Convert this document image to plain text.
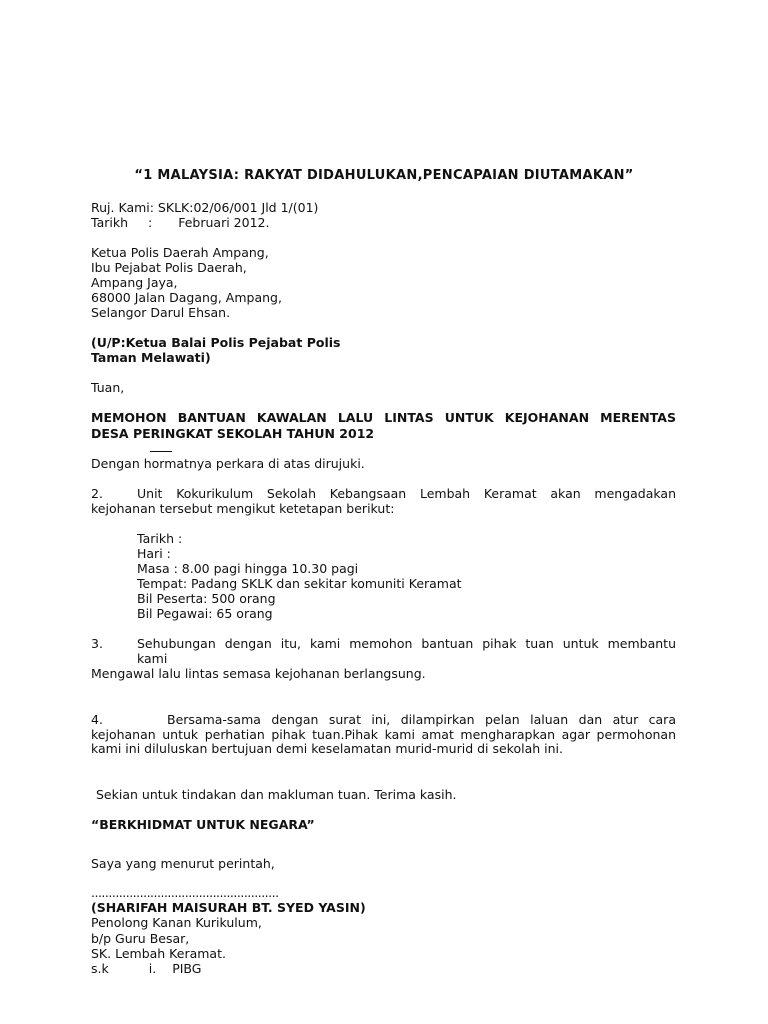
“1 MALAYSIA: RAKYAT DIDAHULUKAN,PENCAPAIAN DIUTAMAKAN”
Ruj. Kami: SKLK:02/06/001 Jld 1/(01)
Tarikh : Februari 2012.
Ketua Polis Daerah Ampang,
Ibu Pejabat Polis Daerah,
Ampang Jaya,
68000 Jalan Dagang, Ampang,
Selangor Darul Ehsan.
(U/P:Ketua Balai Polis Pejabat Polis
Taman Melawati)
Tuan,
MEMOHON BANTUAN KAWALAN LALU LINTAS UNTUK KEJOHANAN MERENTAS
DESA PERINGKAT SEKOLAH TAHUN 2012
Dengan hormatnya perkara di atas dirujuki.
2.	Unit Kokurikulum Sekolah Kebangsaan Lembah Keramat akan mengadakan
kejohanan tersebut mengikut ketetapan berikut:
Tarikh :
Hari :
Masa : 8.00 pagi hingga 10.30 pagi
Tempat: Padang SKLK dan sekitar komuniti Keramat
Bil Peserta: 500 orang
Bil Pegawai: 65 orang
3.	Sehubungan dengan itu, kami memohon bantuan pihak tuan untuk membantu
kami
Mengawal lalu lintas semasa kejohanan berlangsung.
4.	Bersama-sama dengan surat ini, dilampirkan pelan laluan dan atur cara
kejohanan untuk perhatian pihak tuan.Pihak kami amat mengharapkan agar permohonan
kami ini diluluskan bertujuan demi keselamatan murid-murid di sekolah ini.
Sekian untuk tindakan dan makluman tuan. Terima kasih.
“BERKHIDMAT UNTUK NEGARA”
Saya yang menurut perintah,
......................................................
(SHARIFAH MAISURAH BT. SYED YASIN)
Penolong Kanan Kurikulum,
b/p Guru Besar,
SK. Lembah Keramat.
s.k	i. PIBG
